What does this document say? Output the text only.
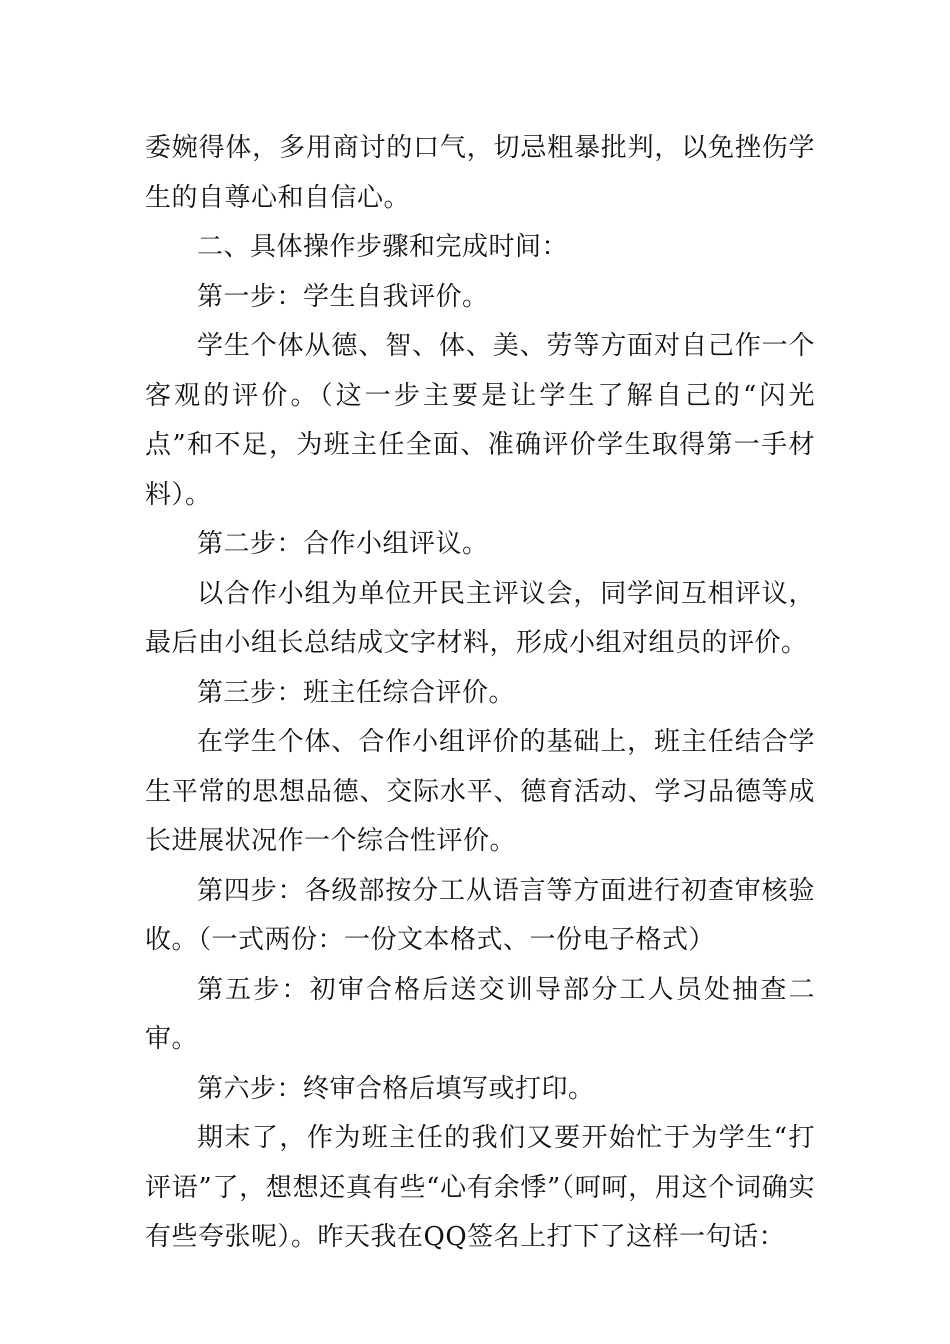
委婉得体，多用商讨的口气，切忌粗暴批判，以免挫伤学生的自尊心和自信心。

二、具体操作步骤和完成时间：

第一步：学生自我评价。

学生个体从德、智、体、美、劳等方面对自己作一个客观的评价。（这一步主要是让学生了解自己的“闪光点”和不足，为班主任全面、准确评价学生取得第一手材料）。

第二步：合作小组评议。

以合作小组为单位开民主评议会，同学间互相评议，最后由小组长总结成文字材料，形成小组对组员的评价。

第三步：班主任综合评价。

在学生个体、合作小组评价的基础上，班主任结合学生平常的思想品德、交际水平、德育活动、学习品德等成长进展状况作一个综合性评价。

第四步：各级部按分工从语言等方面进行初查审核验收。（一式两份：一份文本格式、一份电子格式）

第五步：初审合格后送交训导部分工人员处抽查二审。

第六步：终审合格后填写或打印。

期末了，作为班主任的我们又要开始忙于为学生“打评语”了，想想还真有些“心有余悸”（呵呵，用这个词确实有些夸张呢）。昨天我在QQ签名上打下了这样一句话：
